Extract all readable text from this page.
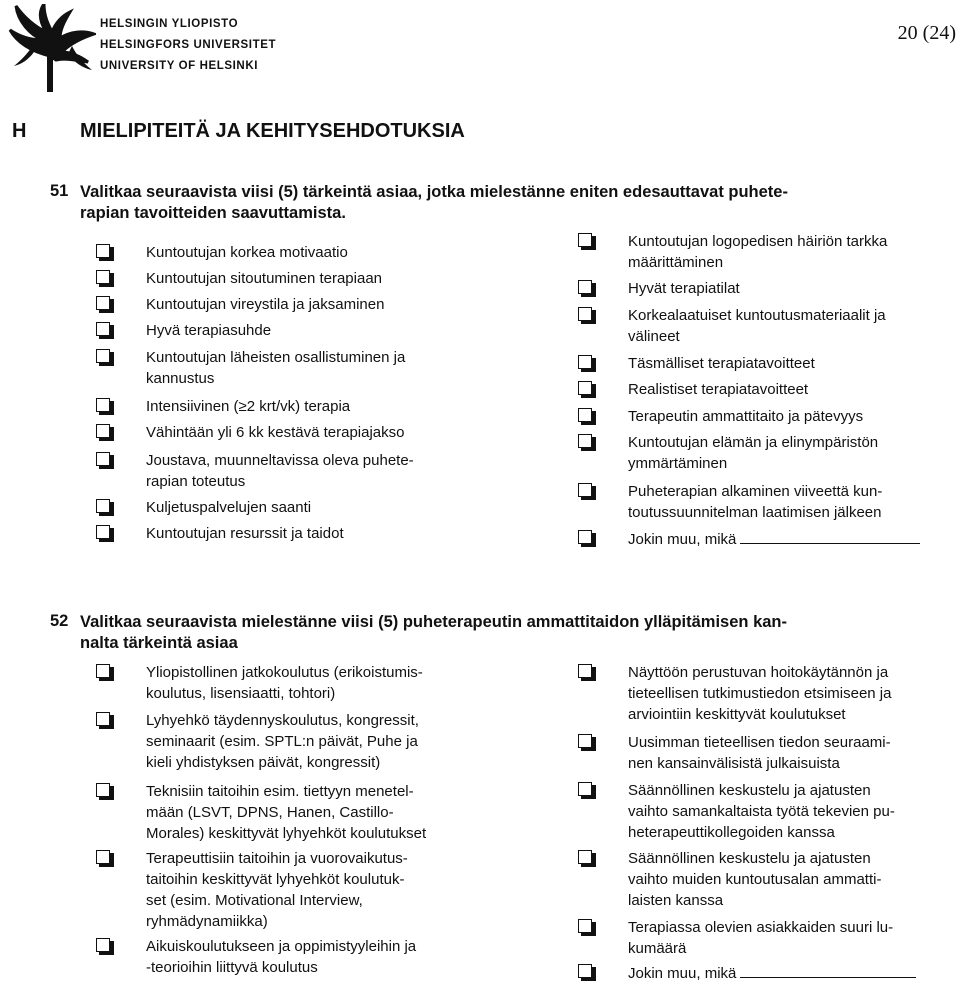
HELSINGIN YLIOPISTO
HELSINGFORS UNIVERSITET
UNIVERSITY OF HELSINKI
20 (24)
H	MIELIPITEITÄ JA KEHITYSEHDOTUKSIA
51 Valitkaa seuraavista viisi (5) tärkeintä asiaa, jotka mielestänne eniten edesauttavat puhete-
rapian tavoitteiden saavuttamista.
Kuntoutujan korkea motivaatio
Kuntoutujan sitoutuminen terapiaan
Kuntoutujan vireystila ja jaksaminen
Hyvä terapiasuhde
Kuntoutujan läheisten osallistuminen ja
kannustus
Intensiivinen (≥2 krt/vk) terapia
Vähintään yli 6 kk kestävä terapiajakso
Joustava, muunneltavissa oleva puhete-
rapian toteutus
Kuljetuspalvelujen saanti
Kuntoutujan resurssit ja taidot
Kuntoutujan logopedisen häiriön tarkka
määrittäminen
Hyvät terapiatilat
Korkealaatuiset kuntoutusmateriaalit ja
välineet
Täsmälliset terapiatavoitteet
Realistiset terapiatavoitteet
Terapeutin ammattitaito ja pätevyys
Kuntoutujan elämän ja elinympäristön
ymmärtäminen
Puheterapian alkaminen viiveettä kun-
toutussuunnitelman laatimisen jälkeen
Jokin muu, mikä
52 Valitkaa seuraavista mielestänne viisi (5) puheterapeutin ammattitaidon ylläpitämisen kan-
nalta tärkeintä asiaa
Yliopistollinen jatkokoulutus (erikoistumis-
koulutus, lisensiaatti, tohtori)
Lyhyehkö täydennyskoulutus, kongressit,
seminaarit (esim. SPTL:n päivät, Puhe ja
kieli yhdistyksen päivät, kongressit)
Teknisiin taitoihin esim. tiettyyn menetel-
mään (LSVT, DPNS, Hanen, Castillo-
Morales) keskittyvät lyhyehköt koulutukset
Terapeuttisiin taitoihin ja vuorovaikutus-
taitoihin keskittyvät lyhyehköt koulutuk-
set (esim. Motivational Interview,
ryhmädynamiikka)
Aikuiskoulutukseen ja oppimistyyleihin ja
-teorioihin liittyvä koulutus
Näyttöön perustuvan hoitokäytännön ja
tieteellisen tutkimustiedon etsimiseen ja
arviointiin keskittyvät koulutukset
Uusimman tieteellisen tiedon seuraami-
nen kansainvälisistä julkaisuista
Säännöllinen keskustelu ja ajatusten
vaihto samankaltaista työtä tekevien pu-
heterapeuttikollegoiden kanssa
Säännöllinen keskustelu ja ajatusten
vaihto muiden kuntoutusalan ammatti-
laisten kanssa
Terapiassa olevien asiakkaiden suuri lu-
kumäärä
Jokin muu, mikä
